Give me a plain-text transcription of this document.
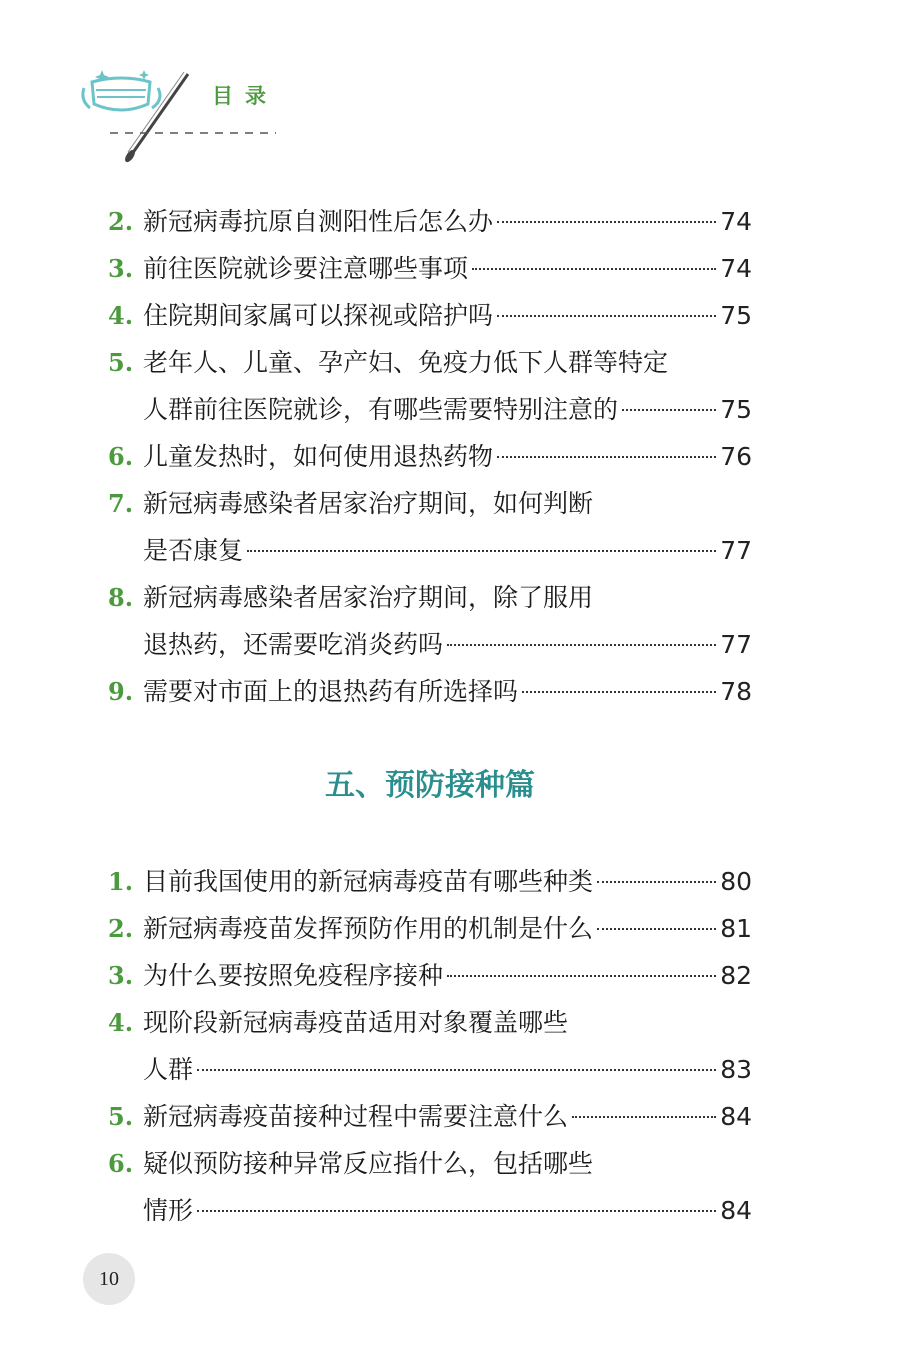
目录
2. 新冠病毒抗原自测阳性后怎么办	74
3. 前往医院就诊要注意哪些事项	74
4. 住院期间家属可以探视或陪护吗	75
5. 老年人、儿童、孕产妇、免疫力低下人群等特定
人群前往医院就诊，有哪些需要特别注意的	75
6. 儿童发热时，如何使用退热药物	76
7. 新冠病毒感染者居家治疗期间，如何判断
是否康复	77
8. 新冠病毒感染者居家治疗期间，除了服用
退热药，还需要吃消炎药吗	77
9. 需要对市面上的退热药有所选择吗	78
五、预防接种篇
1. 目前我国使用的新冠病毒疫苗有哪些种类	80
2. 新冠病毒疫苗发挥预防作用的机制是什么	81
3. 为什么要按照免疫程序接种	82
4. 现阶段新冠病毒疫苗适用对象覆盖哪些
人群	83
5. 新冠病毒疫苗接种过程中需要注意什么	84
6. 疑似预防接种异常反应指什么，包括哪些
情形	84
10
